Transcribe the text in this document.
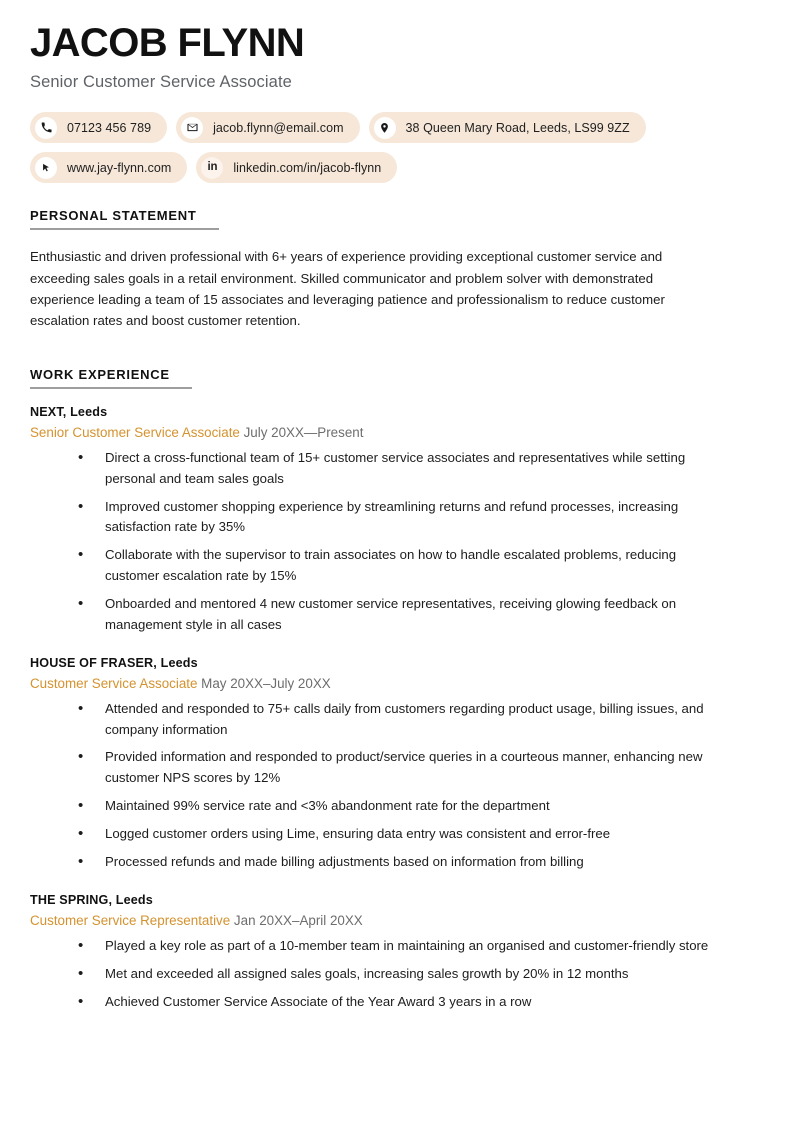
JACOB FLYNN
Senior Customer Service Associate
07123 456 789	jacob.flynn@email.com	38 Queen Mary Road, Leeds, LS99 9ZZ
www.jay-flynn.com	in linkedin.com/in/jacob-flynn
PERSONAL STATEMENT

Enthusiastic and driven professional with 6+ years of experience providing exceptional customer service and exceeding sales goals in a retail environment. Skilled communicator and problem solver with demonstrated experience leading a team of 15 associates and leveraging patience and professionalism to reduce customer escalation rates and boost customer retention.

WORK EXPERIENCE
NEXT, Leeds
Senior Customer Service Associate July 20XX—Present
• Direct a cross-functional team of 15+ customer service associates and representatives while setting personal and team sales goals
• Improved customer shopping experience by streamlining returns and refund processes, increasing satisfaction rate by 35%
• Collaborate with the supervisor to train associates on how to handle escalated problems, reducing customer escalation rate by 15%
• Onboarded and mentored 4 new customer service representatives, receiving glowing feedback on management style in all cases
HOUSE OF FRASER, Leeds
Customer Service Associate May 20XX–July 20XX
• Attended and responded to 75+ calls daily from customers regarding product usage, billing issues, and company information
• Provided information and responded to product/service queries in a courteous manner, enhancing new customer NPS scores by 12%
• Maintained 99% service rate and <3% abandonment rate for the department
• Logged customer orders using Lime, ensuring data entry was consistent and error-free
• Processed refunds and made billing adjustments based on information from billing
THE SPRING, Leeds
Customer Service Representative Jan 20XX–April 20XX
• Played a key role as part of a 10-member team in maintaining an organised and customer-friendly store
• Met and exceeded all assigned sales goals, increasing sales growth by 20% in 12 months
• Achieved Customer Service Associate of the Year Award 3 years in a row
